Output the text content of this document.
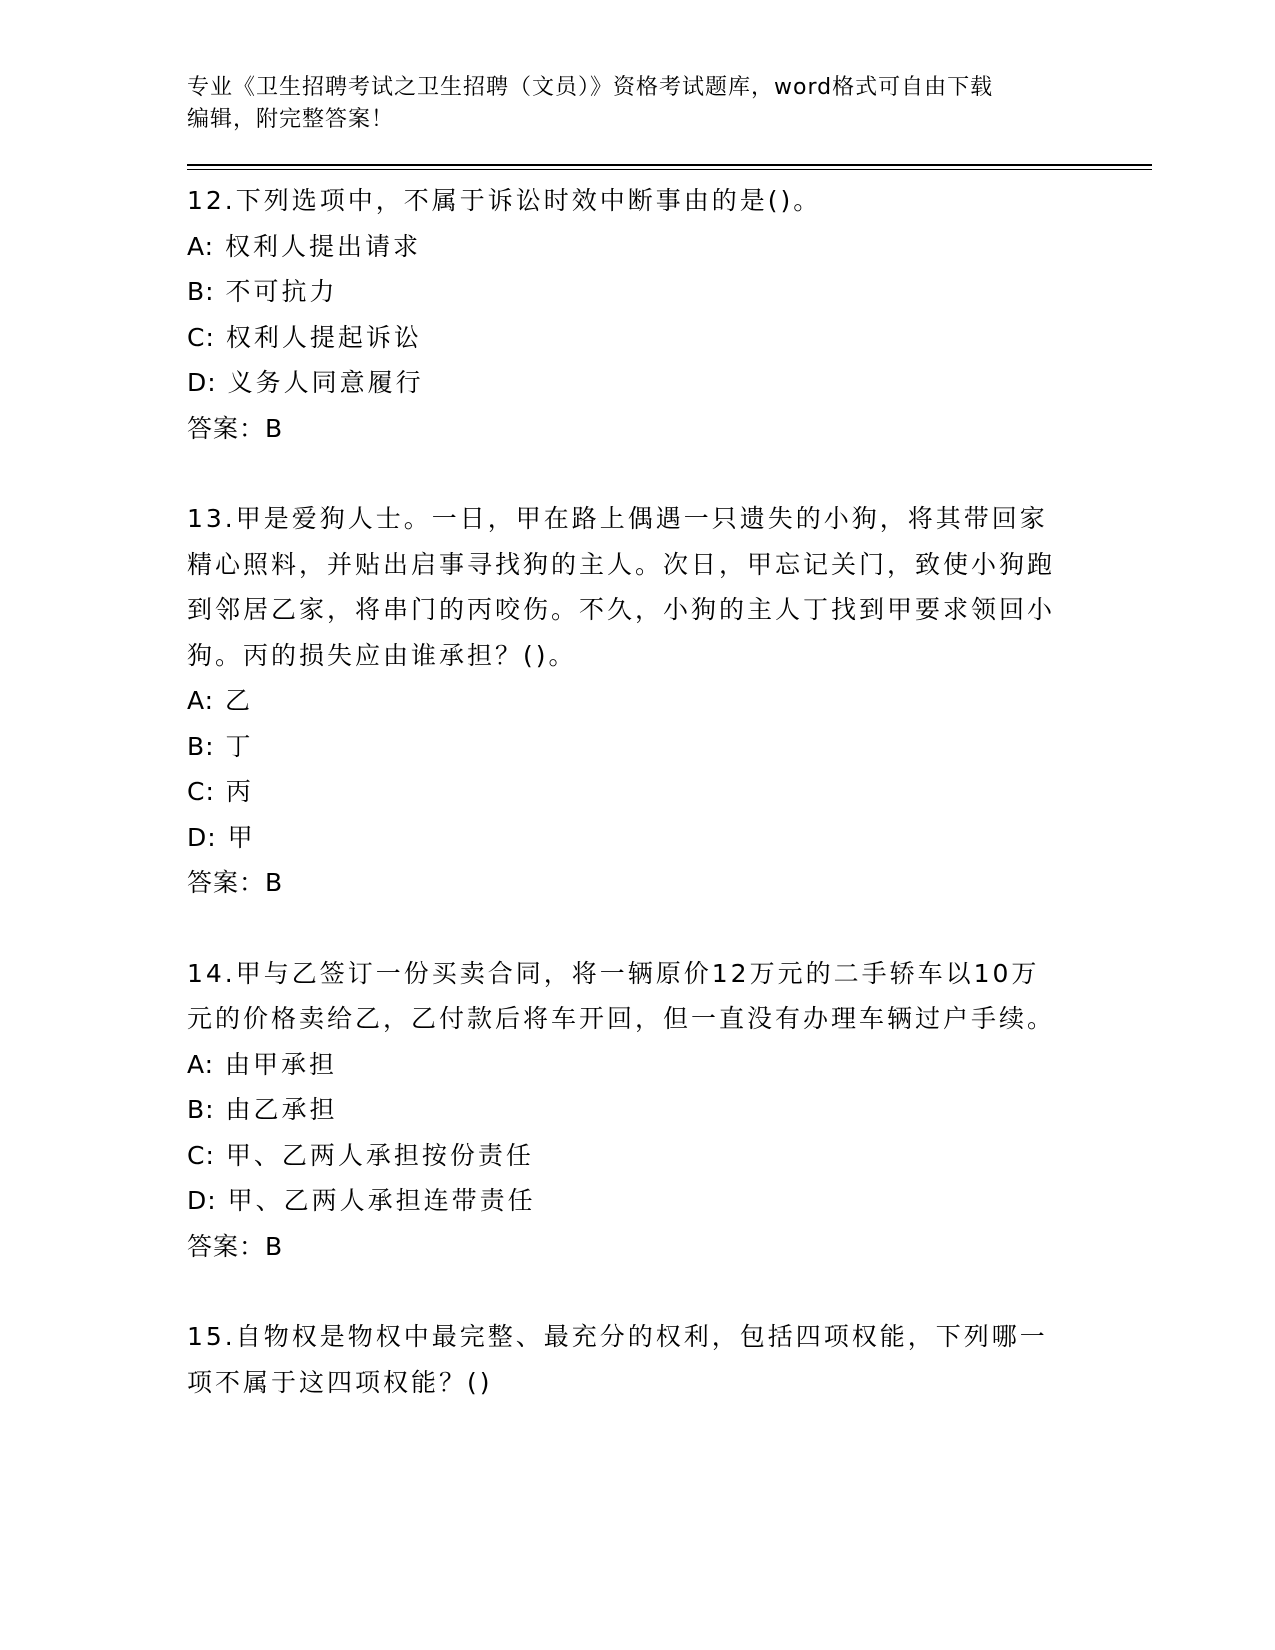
专业《卫生招聘考试之卫生招聘（文员）》资格考试题库，word格式可自由下载
编辑，附完整答案！

12.下列选项中，不属于诉讼时效中断事由的是()。

A: 权利人提出请求

B: 不可抗力

C: 权利人提起诉讼

D: 义务人同意履行

答案：B

13.甲是爱狗人士。一日，甲在路上偶遇一只遗失的小狗，将其带回家精心照料，并贴出启事寻找狗的主人。次日，甲忘记关门，致使小狗跑到邻居乙家，将串门的丙咬伤。不久，小狗的主人丁找到甲要求领回小狗。丙的损失应由谁承担？()。

A: 乙

B: 丁

C: 丙

D: 甲

答案：B

14.甲与乙签订一份买卖合同，将一辆原价12万元的二手轿车以10万元的价格卖给乙，乙付款后将车开回，但一直没有办理车辆过户手续。

A: 由甲承担

B: 由乙承担

C: 甲、乙两人承担按份责任

D: 甲、乙两人承担连带责任

答案：B

15.自物权是物权中最完整、最充分的权利，包括四项权能，下列哪一项不属于这四项权能？()
